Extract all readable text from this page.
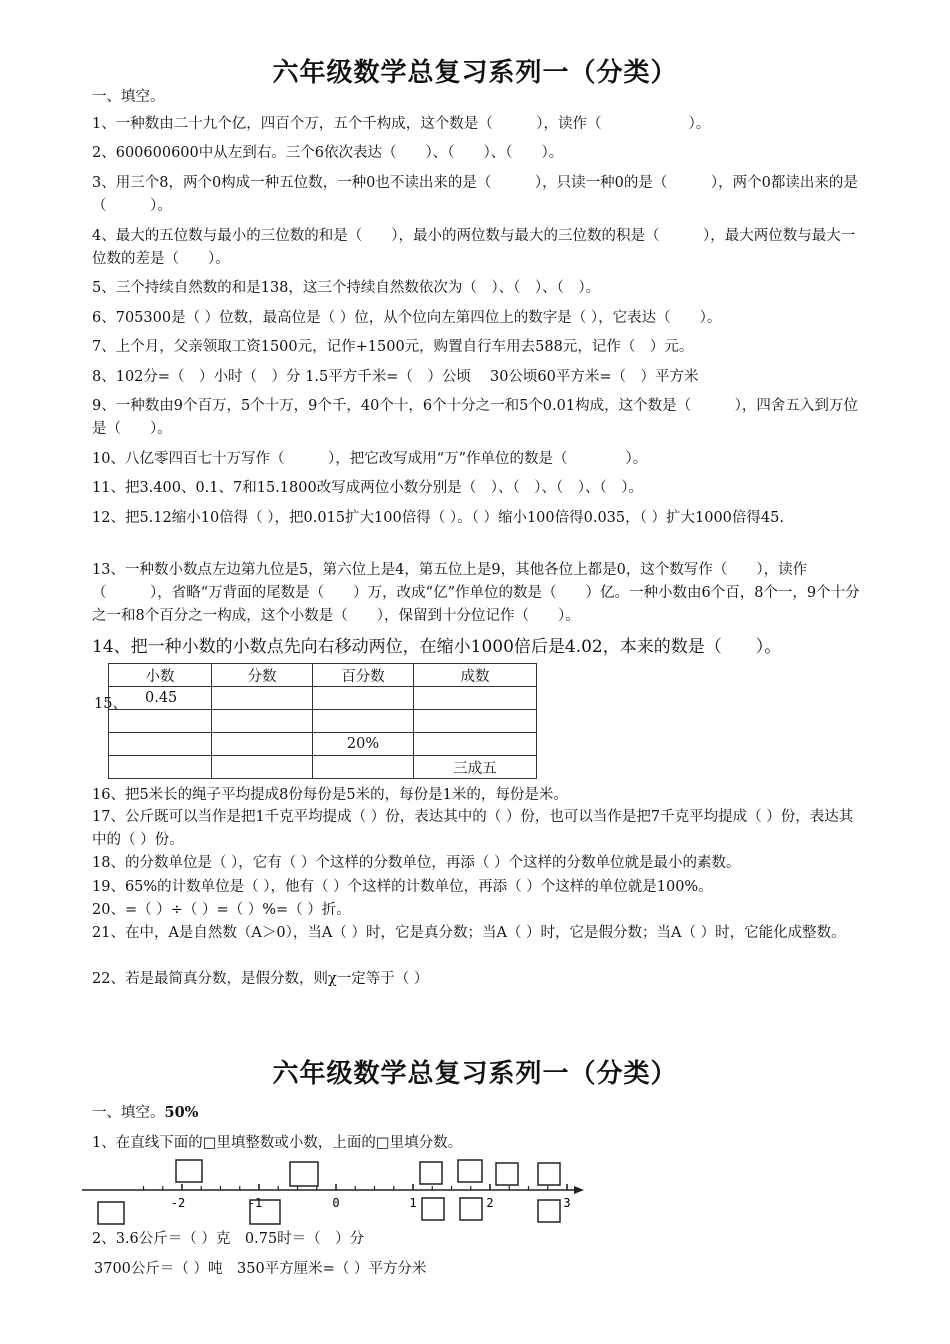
六年级数学总复习系列一（分类）
一、填空。
1、一种数由二十九个亿，四百个万，五个千构成，这个数是（　　　），读作（　　　　　　）。
2、600600600中从左到右。三个6依次表达（　　）、（　　）、（　　）。
3、用三个8，两个0构成一种五位数，一种0也不读出来的是（　　　），只读一种0的是（　　　），两个0都读出来的是（　　　）。
4、最大的五位数与最小的三位数的和是（　　），最小的两位数与最大的三位数的积是（　　　），最大两位数与最大一位数的差是（　　）。
5、三个持续自然数的和是138，这三个持续自然数依次为（　）、（　）、（　）。
6、705300是（ ）位数，最高位是（ ）位，从个位向左第四位上的数字是（ ），它表达（　　）。
7、上个月，父亲领取工资1500元，记作+1500元，购置自行车用去588元，记作（　）元。
8、102分=（　）小时（　）分 1.5平方千米=（　）公顷　 30公顷60平方米=（　）平方米
9、一种数由9个百万，5个十万，9个千，40个十，6个十分之一和5个0.01构成，这个数是（　　　），四舍五入到万位是（　　）。
10、八亿零四百七十万写作（　　　），把它改写成用“万”作单位的数是（　　　　）。
11、把3.400、0.1、7和15.1800改写成两位小数分别是（　）、（　）、（　）、（　）。
12、把5.12缩小10倍得（ ），把0.015扩大100倍得（ ）。（ ）缩小100倍得0.035，（ ）扩大1000倍得45.
13、一种数小数点左边第九位是5，第六位上是4，第五位上是9，其他各位上都是0，这个数写作（　　），读作（　　　），省略“万背面的尾数是（　　）万，改成“亿”作单位的数是（　　）亿。一种小数由6个百，8个一，9个十分之一和8个百分之一构成，这个小数是（　　），保留到十分位记作（　　）。
14、把一种小数的小数点先向右移动两位，在缩小1000倍后是4.02，本来的数是（　　）。
15、
小数	分数	百分数	成数
0.45			

		20%	
			三成五
16、把5米长的绳子平均提成8份每份是5米的，每份是1米的，每份是米。
17、公斤既可以当作是把1千克平均提成（ ）份，表达其中的（ ）份，也可以当作是把7千克平均提成（ ）份，表达其中的（ ）份。
18、的分数单位是（ ），它有（ ）个这样的分数单位，再添（ ）个这样的分数单位就是最小的素数。
19、65%的计数单位是（ ），他有（ ）个这样的计数单位，再添（ ）个这样的单位就是100%。
20、=（ ）÷（ ）=（ ）%=（ ）折。
21、在中，A是自然数（A＞0），当A（ ）时，它是真分数；当A（ ）时，它是假分数；当A（ ）时，它能化成整数。
22、若是最简真分数，是假分数，则χ一定等于（ ）
六年级数学总复习系列一（分类）
一、填空。50%
1、在直线下面的□里填整数或小数，上面的□里填分数。
-2	-1	0	1	2	3
2、3.6公斤＝（ ）克　0.75时＝（　）分
3700公斤＝（ ）吨　350平方厘米=（ ）平方分米
